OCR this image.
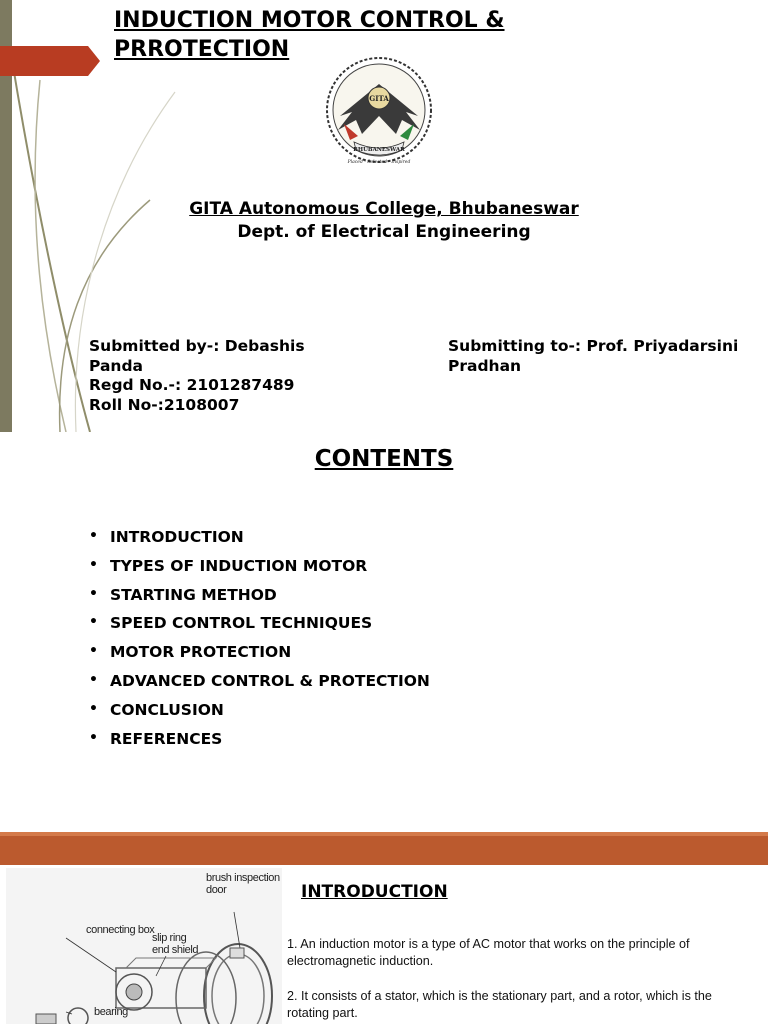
INDUCTION MOTOR CONTROL & PRROTECTION
GITA
BHUBANESWAR
Placed - Selected - Inspired
GITA Autonomous College, Bhubaneswar
Dept. of Electrical Engineering
Submitted by-: Debashis Panda
Regd No.-: 2101287489
Roll No-:2108007
Submitting to-: Prof. Priyadarsini Pradhan
CONTENTS
• INTRODUCTION
• TYPES OF INDUCTION MOTOR
• STARTING METHOD
• SPEED CONTROL TECHNIQUES
• MOTOR PROTECTION
• ADVANCED CONTROL & PROTECTION
• CONCLUSION
• REFERENCES
brush inspection
door
connecting box
slip ring
end shield
bearing
INTRODUCTION

1. An induction motor is a type of AC motor that works on the principle of electromagnetic induction.

2. It consists of a stator, which is the stationary part, and a rotor, which is the rotating part.
